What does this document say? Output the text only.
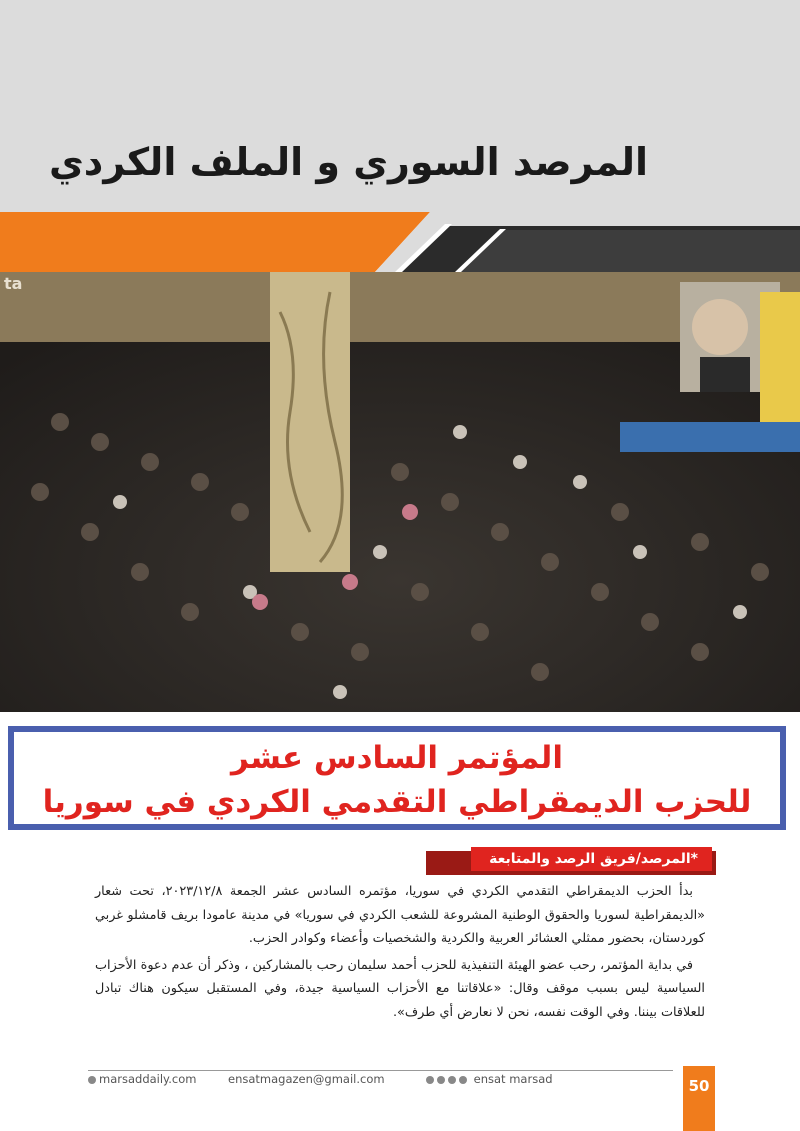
المرصد السوري و الملف الكردي
ta
المؤتمر السادس عشر
للحزب الديمقراطي التقدمي الكردي في سوريا
*المرصد/فريق الرصد والمتابعة

بدأ الحزب الديمقراطي التقدمي الكردي في سوريا، مؤتمره السادس عشر الجمعة ٢٠٢٣/١٢/٨، تحت شعار «الديمقراطية لسوريا والحقوق الوطنية المشروعة للشعب الكردي في سوريا» في مدينة عامودا بريف قامشلو غربي كوردستان، بحضور ممثلي العشائر العربية والكردية والشخصيات وأعضاء وكوادر الحزب.

في بداية المؤتمر، رحب عضو الهيئة التنفيذية للحزب أحمد سليمان رحب بالمشاركين ، وذكر أن عدم دعوة الأحزاب السياسية ليس بسبب موقف وقال: «علاقاتنا مع الأحزاب السياسية جيدة، وفي المستقبل سيكون هناك تبادل للعلاقات بيننا. وفي الوقت نفسه، نحن لا نعارض أي طرف».

marsaddaily.com	ensatmagazen@gmail.com	ensat marsad	50
